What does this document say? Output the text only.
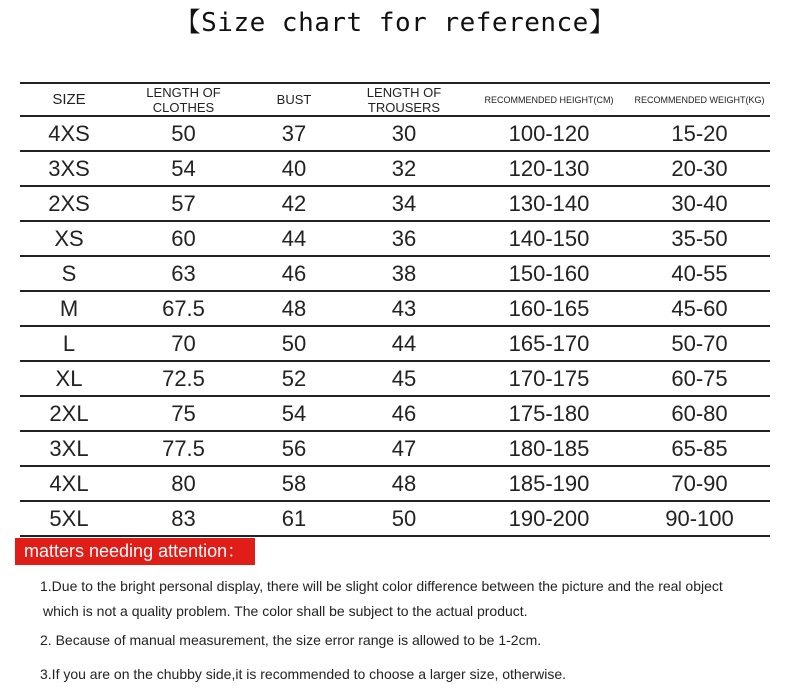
【Size chart for reference】
SIZE	LENGTH OF CLOTHES	BUST	LENGTH OF TROUSERS	RECOMMENDED HEIGHT(CM)	RECOMMENDED WEIGHT(KG)
4XS	50	37	30	100-120	15-20
3XS	54	40	32	120-130	20-30
2XS	57	42	34	130-140	30-40
XS	60	44	36	140-150	35-50
S	63	46	38	150-160	40-55
M	67.5	48	43	160-165	45-60
L	70	50	44	165-170	50-70
XL	72.5	52	45	170-175	60-75
2XL	75	54	46	175-180	60-80
3XL	77.5	56	47	180-185	65-85
4XL	80	58	48	185-190	70-90
5XL	83	61	50	190-200	90-100
matters needing attention：
1.Due to the bright personal display, there will be slight color difference between the picture and the real object
which is not a quality problem. The color shall be subject to the actual product.
2. Because of manual measurement, the size error range is allowed to be 1-2cm.
3.If you are on the chubby side,it is recommended to choose a larger size, otherwise.
